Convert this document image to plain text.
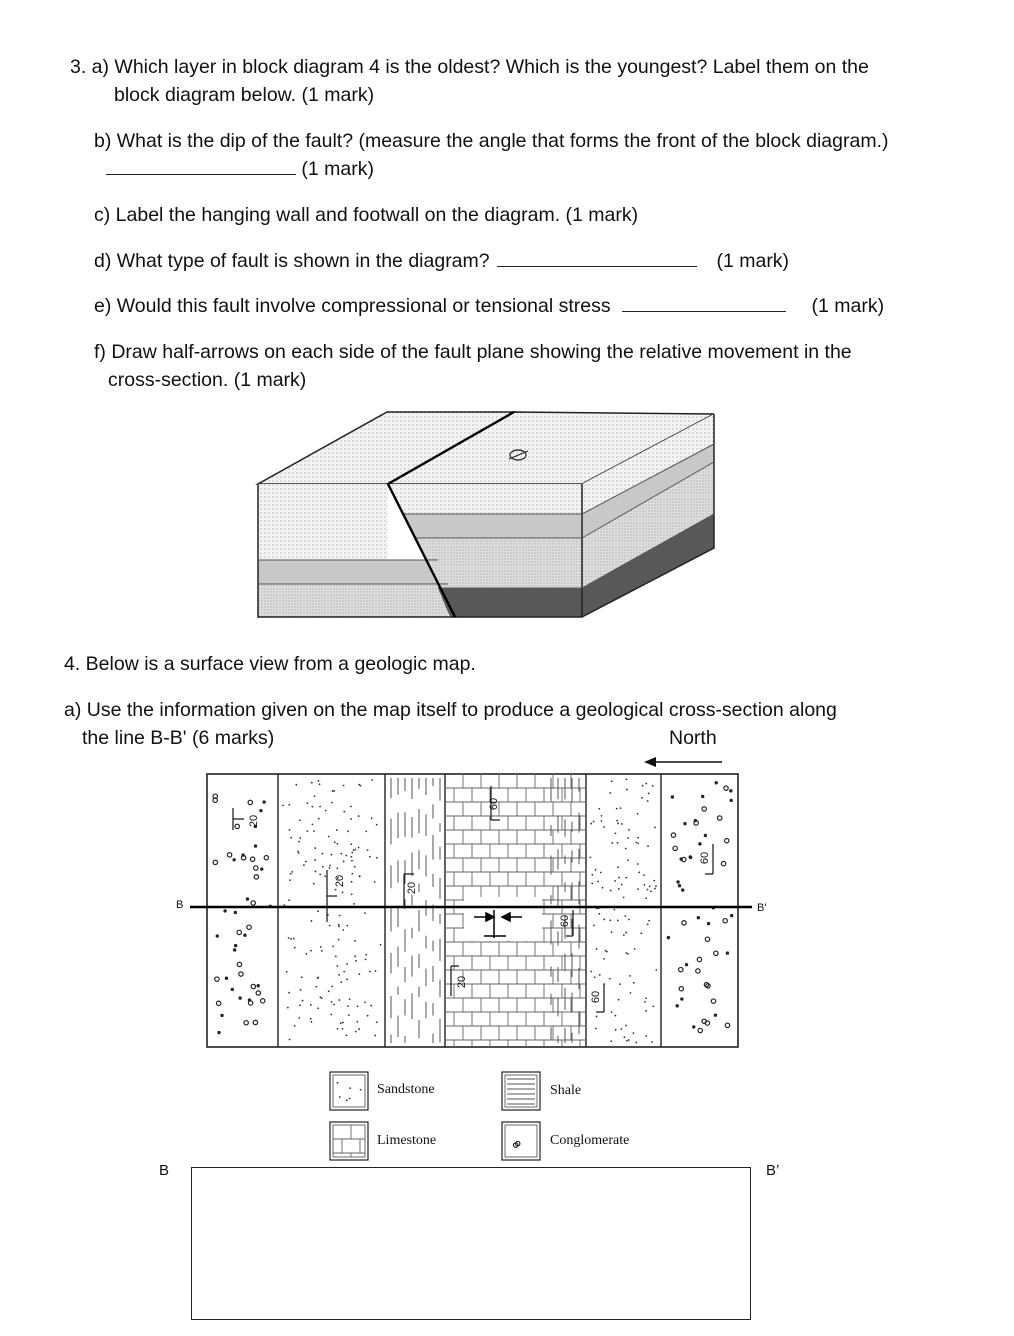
3. a) Which layer in block diagram 4 is the oldest? Which is the youngest? Label them on the
block diagram below. (1 mark)
b) What is the dip of the fault? (measure the angle that forms the front of the block diagram.)
(1 mark)
c) Label the hanging wall and footwall on the diagram. (1 mark)
d) What type of fault is shown in the diagram?	(1 mark)
e) Would this fault involve compressional or tensional stress	(1 mark)
f) Draw half-arrows on each side of the fault plane showing the relative movement in the
cross-section. (1 mark)
4. Below is a surface view from a geologic map.
a) Use the information given on the map itself to produce a geological cross-section along
the line B-B' (6 marks)	North
20
20
20
60
20
60
60
60
B	B'
Sandstone	Shale
Limestone	Conglomerate
B	B’
